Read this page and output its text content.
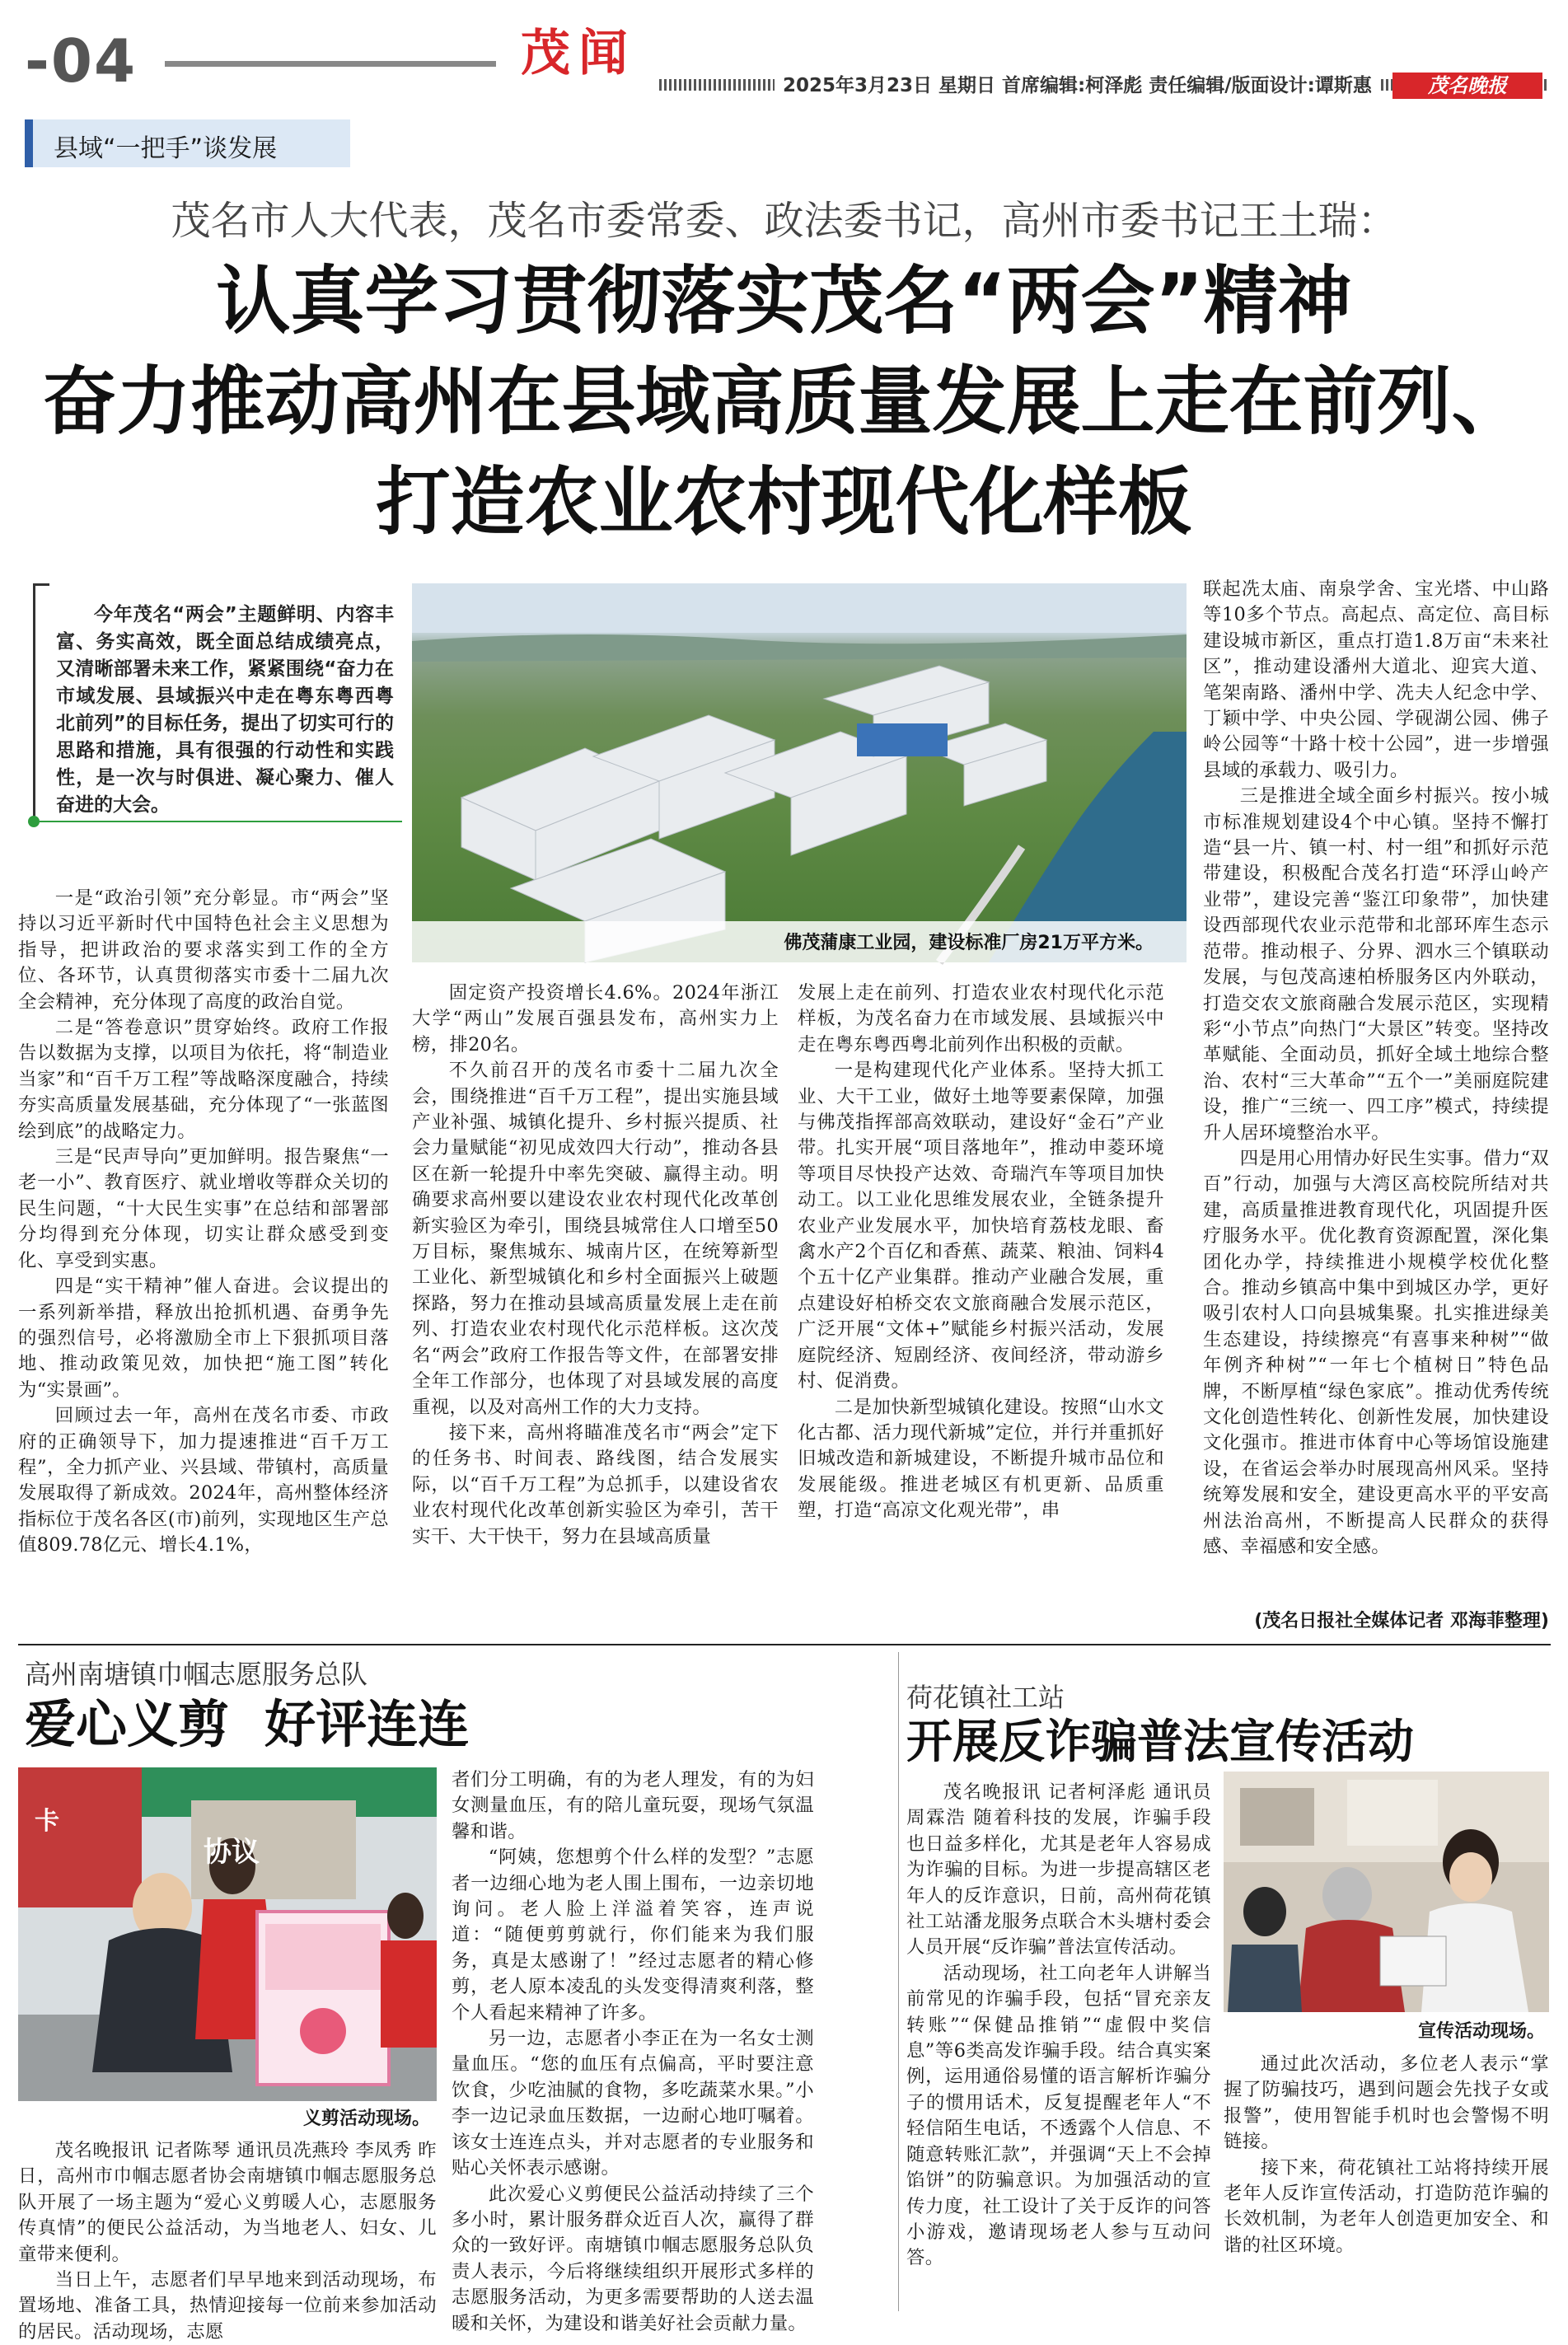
-04	茂闻
2025年3月23日 星期日 首席编辑:柯泽彪 责任编辑/版面设计:谭斯惠	茂名晚报
县域“一把手”谈发展
茂名市人大代表，茂名市委常委、政法委书记，高州市委书记王土瑞：
认真学习贯彻落实茂名“两会”精神
奋力推动高州在县域高质量发展上走在前列、
打造农业农村现代化样板

今年茂名“两会”主题鲜明、内容丰富、务实高效，既全面总结成绩亮点，又清晰部署未来工作，紧紧围绕“奋力在市域发展、县域振兴中走在粤东粤西粤北前列”的目标任务，提出了切实可行的思路和措施，具有很强的行动性和实践性，是一次与时俱进、凝心聚力、催人奋进的大会。

佛茂蒲康工业园，建设标准厂房21万平方米。

一是“政治引领”充分彰显。市“两会”坚持以习近平新时代中国特色社会主义思想为指导，把讲政治的要求落实到工作的全方位、各环节，认真贯彻落实市委十二届九次全会精神，充分体现了高度的政治自觉。

二是“答卷意识”贯穿始终。政府工作报告以数据为支撑，以项目为依托，将“制造业当家”和“百千万工程”等战略深度融合，持续夯实高质量发展基础，充分体现了“一张蓝图绘到底”的战略定力。

三是“民声导向”更加鲜明。报告聚焦“一老一小”、教育医疗、就业增收等群众关切的民生问题，“十大民生实事”在总结和部署部分均得到充分体现，切实让群众感受到变化、享受到实惠。

四是“实干精神”催人奋进。会议提出的一系列新举措，释放出抢抓机遇、奋勇争先的强烈信号，必将激励全市上下狠抓项目落地、推动政策见效，加快把“施工图”转化为“实景画”。

回顾过去一年，高州在茂名市委、市政府的正确领导下，加力提速推进“百千万工程”，全力抓产业、兴县域、带镇村，高质量发展取得了新成效。2024年，高州整体经济指标位于茂名各区(市)前列，实现地区生产总值809.78亿元、增长4.1%，

固定资产投资增长4.6%。2024年浙江大学“两山”发展百强县发布，高州实力上榜，排20名。

不久前召开的茂名市委十二届九次全会，围绕推进“百千万工程”，提出实施县域产业补强、城镇化提升、乡村振兴提质、社会力量赋能“初见成效四大行动”，推动各县区在新一轮提升中率先突破、赢得主动。明确要求高州要以建设农业农村现代化改革创新实验区为牵引，围绕县城常住人口增至50万目标，聚焦城东、城南片区，在统筹新型工业化、新型城镇化和乡村全面振兴上破题探路，努力在推动县域高质量发展上走在前列、打造农业农村现代化示范样板。这次茂名“两会”政府工作报告等文件，在部署安排全年工作部分，也体现了对县域发展的高度重视，以及对高州工作的大力支持。

接下来，高州将瞄准茂名市“两会”定下的任务书、时间表、路线图，结合发展实际，以“百千万工程”为总抓手，以建设省农业农村现代化改革创新实验区为牵引，苦干实干、大干快干，努力在县域高质量

发展上走在前列、打造农业农村现代化示范样板，为茂名奋力在市域发展、县域振兴中走在粤东粤西粤北前列作出积极的贡献。

一是构建现代化产业体系。坚持大抓工业、大干工业，做好土地等要素保障，加强与佛茂指挥部高效联动，建设好“金石”产业带。扎实开展“项目落地年”，推动申菱环境等项目尽快投产达效、奇瑞汽车等项目加快动工。以工业化思维发展农业，全链条提升农业产业发展水平，加快培育荔枝龙眼、畜禽水产2个百亿和香蕉、蔬菜、粮油、饲料4个五十亿产业集群。推动产业融合发展，重点建设好柏桥交农文旅商融合发展示范区，广泛开展“文体+”赋能乡村振兴活动，发展庭院经济、短剧经济、夜间经济，带动游乡村、促消费。

二是加快新型城镇化建设。按照“山水文化古都、活力现代新城”定位，并行并重抓好旧城改造和新城建设，不断提升城市品位和发展能级。推进老城区有机更新、品质重塑，打造“高凉文化观光带”，串

联起冼太庙、南泉学舍、宝光塔、中山路等10多个节点。高起点、高定位、高目标建设城市新区，重点打造1.8万亩“未来社区”，推动建设潘州大道北、迎宾大道、笔架南路、潘州中学、冼夫人纪念中学、丁颖中学、中央公园、学砚湖公园、佛子岭公园等“十路十校十公园”，进一步增强县域的承载力、吸引力。

三是推进全域全面乡村振兴。按小城市标准规划建设4个中心镇。坚持不懈打造“县一片、镇一村、村一组”和抓好示范带建设，积极配合茂名打造“环浮山岭产业带”，建设完善“鉴江印象带”，加快建设西部现代农业示范带和北部环库生态示范带。推动根子、分界、泗水三个镇联动发展，与包茂高速柏桥服务区内外联动，打造交农文旅商融合发展示范区，实现精彩“小节点”向热门“大景区”转变。坚持改革赋能、全面动员，抓好全域土地综合整治、农村“三大革命”“五个一”美丽庭院建设，推广“三统一、四工序”模式，持续提升人居环境整治水平。

四是用心用情办好民生实事。借力“双百”行动，加强与大湾区高校院所结对共建，高质量推进教育现代化，巩固提升医疗服务水平。优化教育资源配置，深化集团化办学，持续推进小规模学校优化整合。推动乡镇高中集中到城区办学，更好吸引农村人口向县城集聚。扎实推进绿美生态建设，持续擦亮“有喜事来种树”“做年例齐种树”“一年七个植树日”特色品牌，不断厚植“绿色家底”。推动优秀传统文化创造性转化、创新性发展，加快建设文化强市。推进市体育中心等场馆设施建设，在省运会举办时展现高州风采。坚持统筹发展和安全，建设更高水平的平安高州法治高州，不断提高人民群众的获得感、幸福感和安全感。

(茂名日报社全媒体记者 邓海菲整理)
高州南塘镇巾帼志愿服务总队
爱心义剪  好评连连
协议
卡
义剪活动现场。

茂名晚报讯 记者陈琴 通讯员冼燕玲 李凤秀 昨日，高州市巾帼志愿者协会南塘镇巾帼志愿服务总队开展了一场主题为“爱心义剪暖人心，志愿服务传真情”的便民公益活动，为当地老人、妇女、儿童带来便利。

当日上午，志愿者们早早地来到活动现场，布置场地、准备工具，热情迎接每一位前来参加活动的居民。活动现场，志愿

者们分工明确，有的为老人理发，有的为妇女测量血压，有的陪儿童玩耍，现场气氛温馨和谐。

“阿姨，您想剪个什么样的发型？”志愿者一边细心地为老人围上围布，一边亲切地询问。老人脸上洋溢着笑容，连声说道：“随便剪剪就行，你们能来为我们服务，真是太感谢了！”经过志愿者的精心修剪，老人原本凌乱的头发变得清爽利落，整个人看起来精神了许多。

另一边，志愿者小李正在为一名女士测量血压。“您的血压有点偏高，平时要注意饮食，少吃油腻的食物，多吃蔬菜水果。”小李一边记录血压数据，一边耐心地叮嘱着。该女士连连点头，并对志愿者的专业服务和贴心关怀表示感谢。

此次爱心义剪便民公益活动持续了三个多小时，累计服务群众近百人次，赢得了群众的一致好评。南塘镇巾帼志愿服务总队负责人表示，今后将继续组织开展形式多样的志愿服务活动，为更多需要帮助的人送去温暖和关怀，为建设和谐美好社会贡献力量。

荷花镇社工站
开展反诈骗普法宣传活动

茂名晚报讯 记者柯泽彪 通讯员周霖浩 随着科技的发展，诈骗手段也日益多样化，尤其是老年人容易成为诈骗的目标。为进一步提高辖区老年人的反诈意识，日前，高州荷花镇社工站潘龙服务点联合木头塘村委会人员开展“反诈骗”普法宣传活动。

活动现场，社工向老年人讲解当前常见的诈骗手段，包括“冒充亲友转账”“保健品推销”“虚假中奖信息”等6类高发诈骗手段。结合真实案例，运用通俗易懂的语言解析诈骗分子的惯用话术，反复提醒老年人“不轻信陌生电话，不透露个人信息、不随意转账汇款”，并强调“天上不会掉馅饼”的防骗意识。为加强活动的宣传力度，社工设计了关于反诈的问答小游戏，邀请现场老人参与互动问答。

宣传活动现场。

通过此次活动，多位老人表示“掌握了防骗技巧，遇到问题会先找子女或报警”，使用智能手机时也会警惕不明链接。

接下来，荷花镇社工站将持续开展老年人反诈宣传活动，打造防范诈骗的长效机制，为老年人创造更加安全、和谐的社区环境。
